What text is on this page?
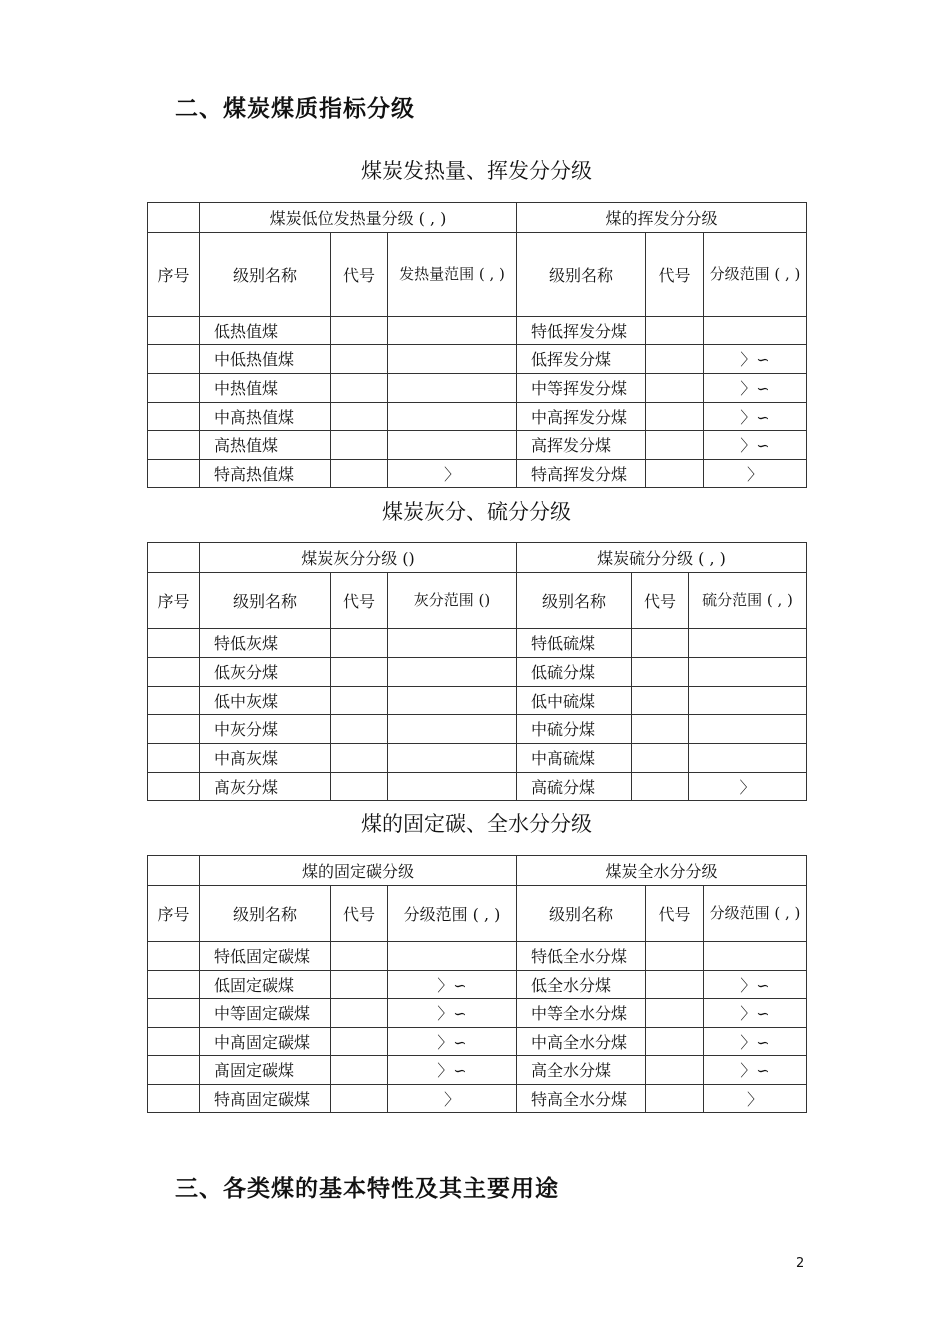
二、煤炭煤质指标分级
煤炭发热量、挥发分分级
	煤炭低位发热量分级 ( , )			煤的挥发分分级		
序号	级别名称	代号	发热量范围 ( , )	级别名称	代号	分级范围 ( , )
	低热值煤			特低挥发分煤		
	中低热值煤			低挥发分煤		〉∽
	中热值煤			中等挥发分煤		〉∽
	中髙热值煤			中高挥发分煤		〉∽
	高热值煤			高挥发分煤		〉∽
	特高热值煤		〉	特高挥发分煤		〉
煤炭灰分、硫分分级
	煤炭灰分分级 ()			煤炭硫分分级 ( , )		
序号	级别名称	代号	灰分范围 ()	级别名称	代号	硫分范围 ( , )
	特低灰煤			特低硫煤		
	低灰分煤			低硫分煤		
	低中灰煤			低中硫煤		
	中灰分煤			中硫分煤		
	中髙灰煤			中髙硫煤		
	髙灰分煤			高硫分煤		〉
煤的固定碳、全水分分级
	煤的固定碳分级			煤炭全水分分级		
序号	级别名称	代号	分级范围 ( , )	级别名称	代号	分级范围 ( , )
	特低固定碳煤			特低全水分煤		
	低固定碳煤		〉∽	低全水分煤		〉∽
	中等固定碳煤		〉∽	中等全水分煤		〉∽
	中髙固定碳煤		〉∽	中高全水分煤		〉∽
	髙固定碳煤		〉∽	高全水分煤		〉∽
	特髙固定碳煤		〉	特高全水分煤		〉
三、各类煤的基本特性及其主要用途
2
